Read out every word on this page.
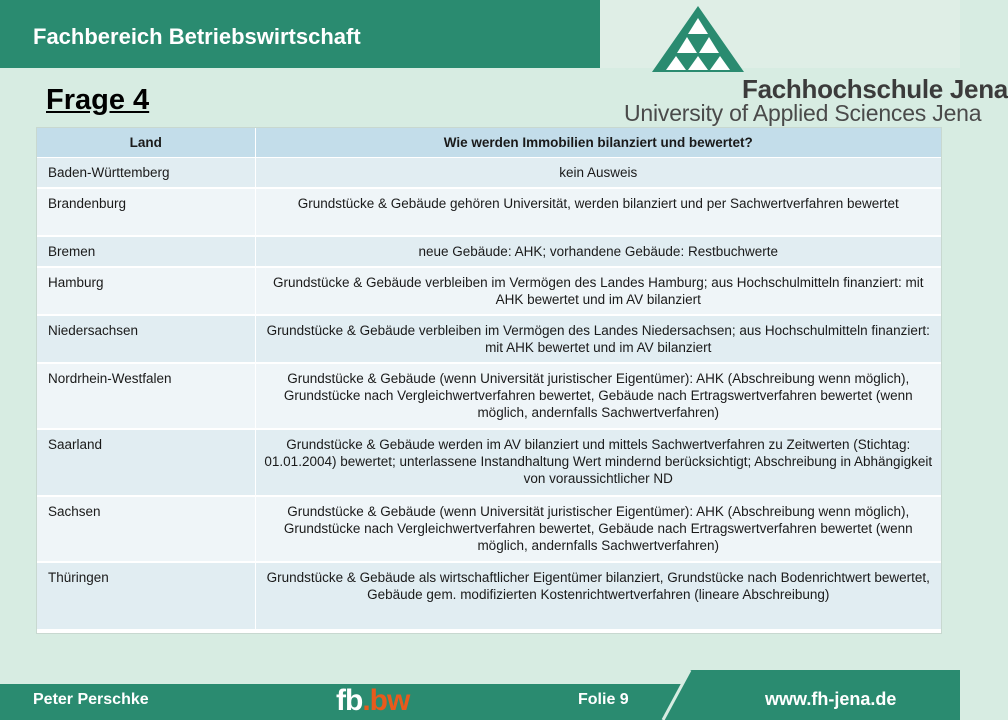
Fachbereich Betriebswirtschaft
Fachhochschule Jena
University of Applied Sciences Jena
Frage 4
Land	Wie werden Immobilien bilanziert und bewertet?
Baden-Württemberg	kein Ausweis
Brandenburg	Grundstücke & Gebäude gehören Universität, werden bilanziert und per Sachwertverfahren bewertet
Bremen	neue Gebäude: AHK; vorhandene Gebäude: Restbuchwerte
Hamburg	Grundstücke & Gebäude verbleiben im Vermögen des Landes Hamburg; aus Hochschulmitteln finanziert: mit AHK bewertet und im AV bilanziert
Niedersachsen	Grundstücke & Gebäude verbleiben im Vermögen des Landes Niedersachsen; aus Hochschulmitteln finanziert: mit AHK bewertet und im AV bilanziert
Nordrhein-Westfalen	Grundstücke & Gebäude (wenn Universität juristischer Eigentümer): AHK (Abschreibung wenn möglich), Grundstücke nach Vergleichwertverfahren bewertet, Gebäude nach Ertragswertverfahren bewertet (wenn möglich, andernfalls Sachwertverfahren)
Saarland	Grundstücke & Gebäude werden im AV bilanziert und mittels Sachwertverfahren zu Zeitwerten (Stichtag: 01.01.2004) bewertet; unterlassene Instandhaltung Wert mindernd berücksichtigt; Abschreibung in Abhängigkeit von voraussichtlicher ND
Sachsen	Grundstücke & Gebäude (wenn Universität juristischer Eigentümer): AHK (Abschreibung wenn möglich), Grundstücke nach Vergleichwertverfahren bewertet, Gebäude nach Ertragswertverfahren bewertet (wenn möglich, andernfalls Sachwertverfahren)
Thüringen	Grundstücke & Gebäude als wirtschaftlicher Eigentümer bilanziert, Grundstücke nach Bodenrichtwert bewertet, Gebäude gem. modifizierten Kostenrichtwertverfahren (lineare Abschreibung)
Peter Perschke	fb.bw	Folie 9	www.fh-jena.de
